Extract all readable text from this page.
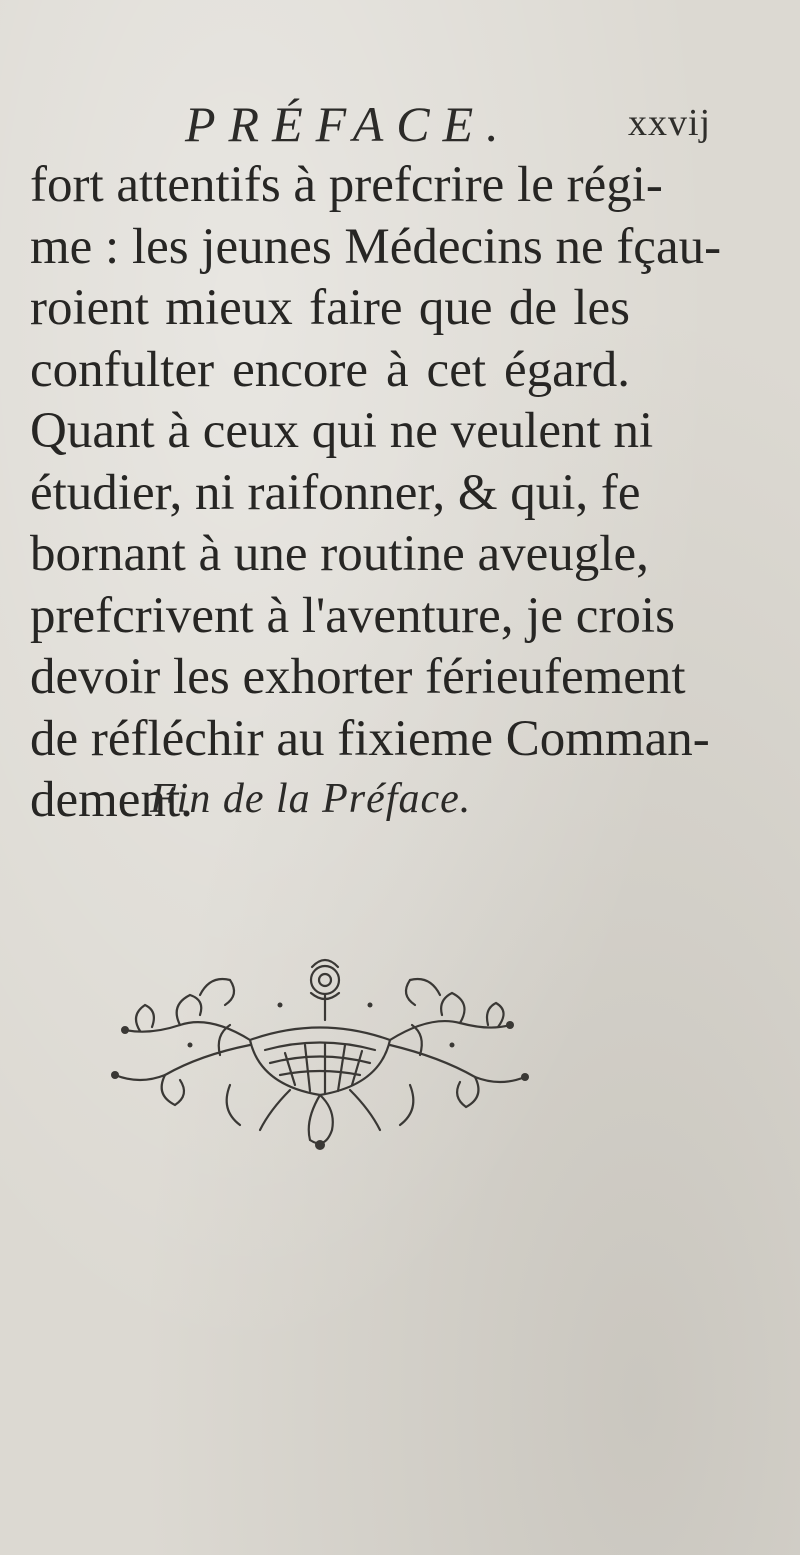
PRÉFACE.	xxvij
fort attentifs à prefcrire le régi-
me : les jeunes Médecins ne fçau-
roient mieux faire que de les
confulter encore à cet égard.
Quant à ceux qui ne veulent ni
étudier, ni raifonner, & qui, fe
bornant à une routine aveugle,
prefcrivent à l'aventure, je crois
devoir les exhorter férieufement
de réfléchir au fixieme Comman-
dement.
Fin de la Préface.
